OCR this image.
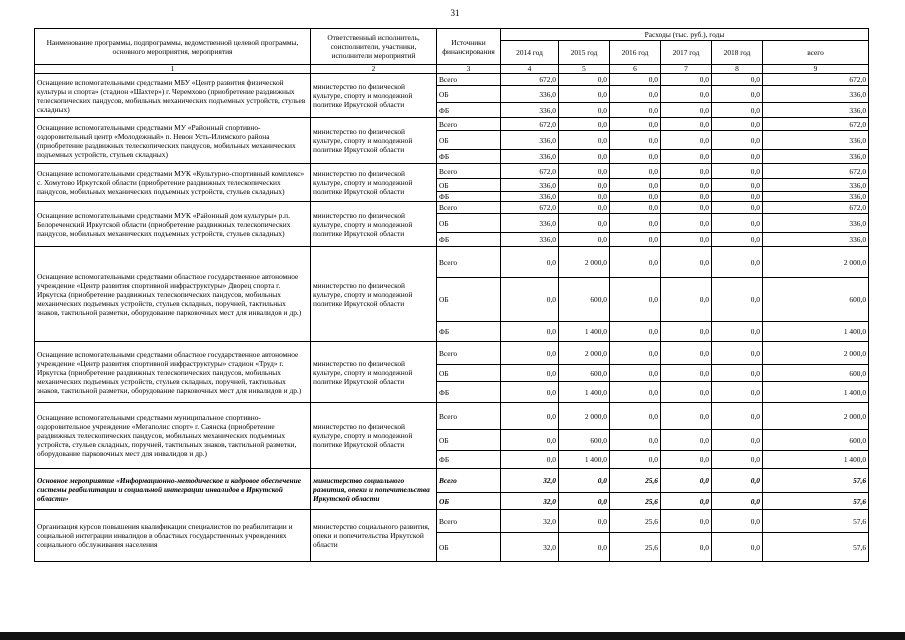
31
Наименование программы, подпрограммы, ведомственной целевой программы, основного мероприятия, мероприятия	Ответственный исполнитель, соисполнители, участники, исполнители мероприятий	Источники финансирования	Расходы (тыс. руб.), годы					
			2014 год	2015 год	2016 год	2017 год	2018 год	всего
1	2	3	4	5	6	7	8	9
Оснащение вспомогательными средствами МБУ «Центр развития физической культуры и спорта» (стадион «Шахтер») г. Черемхово (приобретение раздвижных телескопических пандусов, мобильных механических подъемных устройств, стульев складных)	министерство по физической культуре, спорту и молодежной политике Иркутской области	Всего	672,0	0,0	0,0	0,0	0,0	672,0
		ОБ	336,0	0,0	0,0	0,0	0,0	336,0
		ФБ	336,0	0,0	0,0	0,0	0,0	336,0
Оснащение вспомогательными средствами МУ «Районный спортивно-оздоровительный центр «Молодежный» п. Невон Усть-Илимского района (приобретение раздвижных телескопических пандусов, мобильных механических подъемных устройств, стульев складных)	министерство по физической культуре, спорту и молодежной политике Иркутской области	Всего	672,0	0,0	0,0	0,0	0,0	672,0
		ОБ	336,0	0,0	0,0	0,0	0,0	336,0
		ФБ	336,0	0,0	0,0	0,0	0,0	336,0
Оснащение вспомогательными средствами МУК «Культурно-спортивный комплекс» с. Хомутово Иркутской области (приобретение раздвижных телескопических пандусов, мобильных механических подъемных устройств, стульев складных)	министерство по физической культуре, спорту и молодежной политике Иркутской области	Всего	672,0	0,0	0,0	0,0	0,0	672,0
		ОБ	336,0	0,0	0,0	0,0	0,0	336,0
		ФБ	336,0	0,0	0,0	0,0	0,0	336,0
Оснащение вспомогательными средствами МУК «Районный дом культуры» р.п. Белореченский Иркутской области (приобретение раздвижных телескопических пандусов, мобильных механических подъемных устройств, стульев складных)	министерство по физической культуре, спорту и молодежной политике Иркутской области	Всего	672,0	0,0	0,0	0,0	0,0	672,0
		ОБ	336,0	0,0	0,0	0,0	0,0	336,0
		ФБ	336,0	0,0	0,0	0,0	0,0	336,0
Оснащение вспомогательными средствами областное государственное автономное учреждение «Центр развития спортивной инфраструктуры» Дворец спорта г. Иркутска (приобретение раздвижных телескопических пандусов, мобильных механических подъемных устройств, стульев складных, поручней, тактильных знаков, тактильной разметки, оборудование парковочных мест для инвалидов и др.)	министерство по физической культуре, спорту и молодежной политике Иркутской области	Всего	0,0	2 000,0	0,0	0,0	0,0	2 000,0
		ОБ	0,0	600,0	0,0	0,0	0,0	600,0
		ФБ	0,0	1 400,0	0,0	0,0	0,0	1 400,0
Оснащение вспомогательными средствами областное государственное автономное учреждение «Центр развития спортивной инфраструктуры» стадион «Труд» г. Иркутска (приобретение раздвижных телескопических пандусов, мобильных механических подъемных устройств, стульев складных, поручней, тактильных знаков, тактильной разметки, оборудование парковочных мест для инвалидов и др.)	министерство по физической культуре, спорту и молодежной политике Иркутской области	Всего	0,0	2 000,0	0,0	0,0	0,0	2 000,0
		ОБ	0,0	600,0	0,0	0,0	0,0	600,0
		ФБ	0,0	1 400,0	0,0	0,0	0,0	1 400,0
Оснащение вспомогательными средствами муниципальное спортивно-оздоровительное учреждение «Мегаполис спорт» г. Саянска (приобретение раздвижных телескопических пандусов, мобильных механических подъемных устройств, стульев складных, поручней, тактильных знаков, тактильной разметки, оборудование парковочных мест для инвалидов и др.)	министерство по физической культуре, спорту и молодежной политике Иркутской области	Всего	0,0	2 000,0	0,0	0,0	0,0	2 000,0
		ОБ	0,0	600,0	0,0	0,0	0,0	600,0
		ФБ	0,0	1 400,0	0,0	0,0	0,0	1 400,0
Основное мероприятие «Информационно-методическое и кадровое обеспечение системы реабилитации и социальной интеграции инвалидов в Иркутской области»	министерство социального развития, опеки и попечительства Иркутской области	Всего	32,0	0,0	25,6	0,0	0,0	57,6
		ОБ	32,0	0,0	25,6	0,0	0,0	57,6
Организация курсов повышения квалификации специалистов по реабилитации и социальной интеграции инвалидов в областных государственных учреждениях социального обслуживания населения	министерство социального развития, опеки и попечительства Иркутской области	Всего	32,0	0,0	25,6	0,0	0,0	57,6
		ОБ	32,0	0,0	25,6	0,0	0,0	57,6
